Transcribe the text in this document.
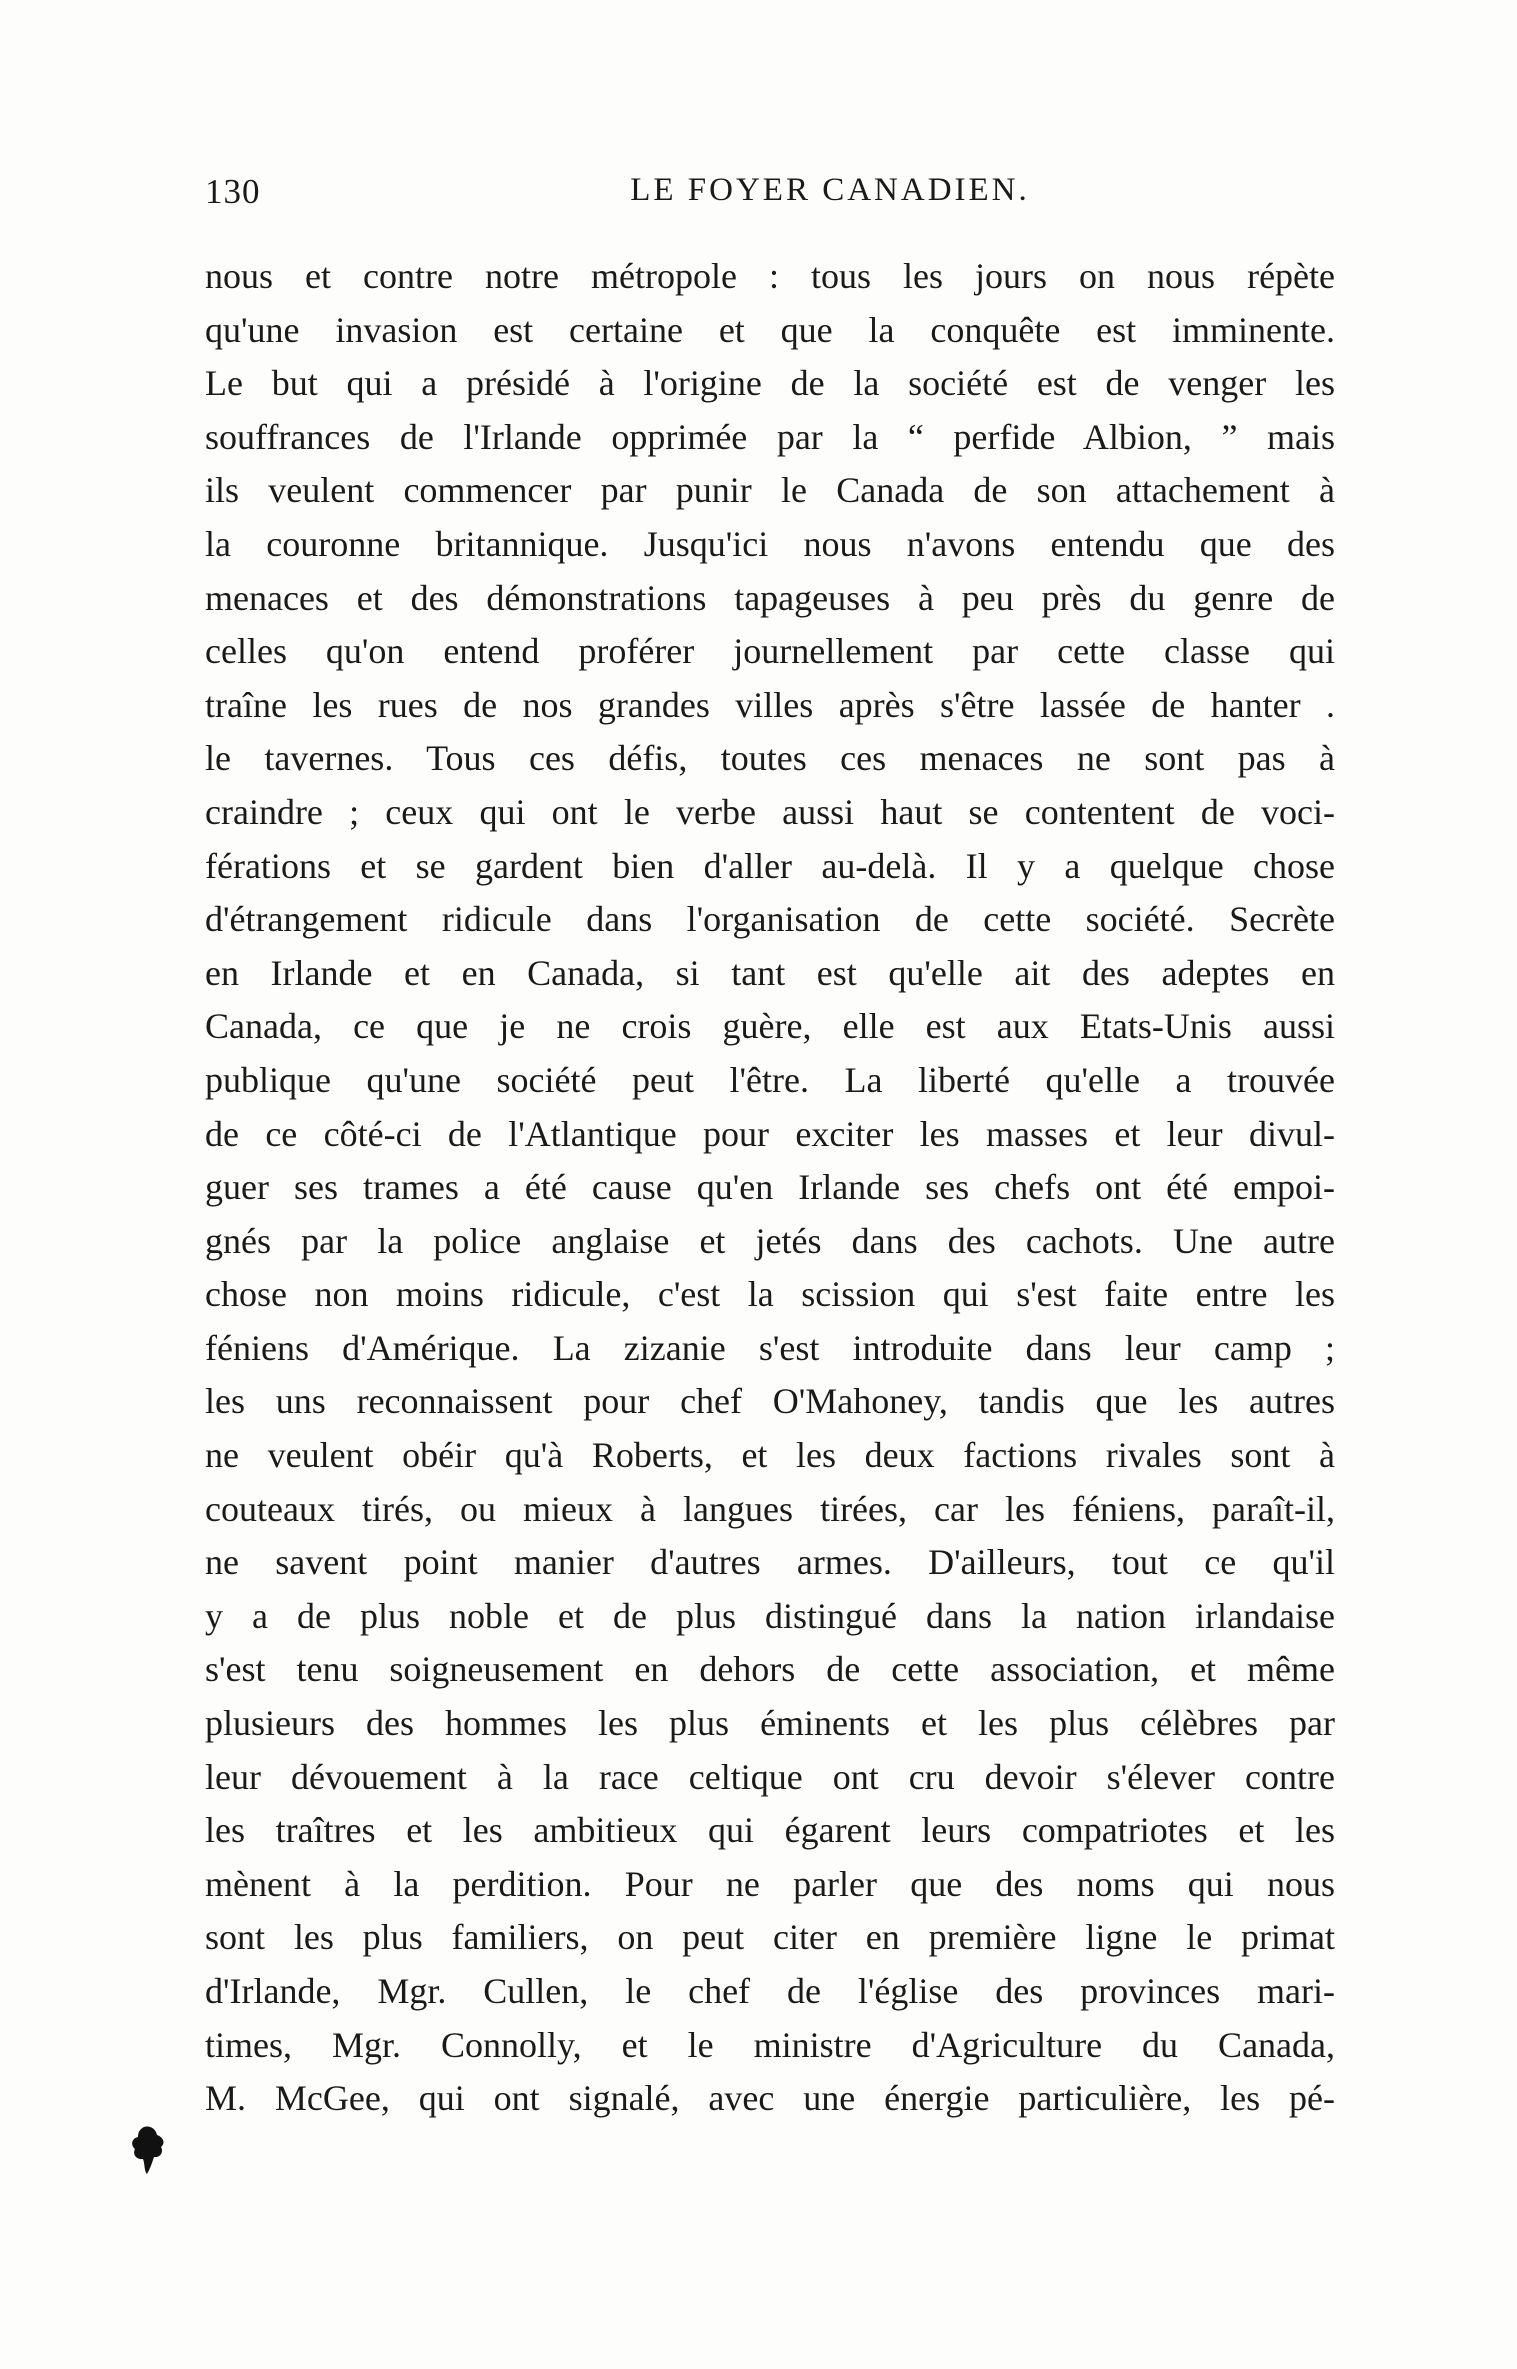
130	LE FOYER CANADIEN.
nous et contre notre métropole : tous les jours on nous répète
qu'une invasion est certaine et que la conquête est imminente.
Le but qui a présidé à l'origine de la société est de venger les
souffrances de l'Irlande opprimée par la “ perfide Albion, ” mais
ils veulent commencer par punir le Canada de son attachement à
la couronne britannique. Jusqu'ici nous n'avons entendu que des
menaces et des démonstrations tapageuses à peu près du genre de
celles qu'on entend proférer journellement par cette classe qui
traîne les rues de nos grandes villes après s'être lassée de hanter .
le tavernes. Tous ces défis, toutes ces menaces ne sont pas à
craindre ; ceux qui ont le verbe aussi haut se contentent de voci-
férations et se gardent bien d'aller au-delà. Il y a quelque chose
d'étrangement ridicule dans l'organisation de cette société. Secrète
en Irlande et en Canada, si tant est qu'elle ait des adeptes en
Canada, ce que je ne crois guère, elle est aux Etats-Unis aussi
publique qu'une société peut l'être. La liberté qu'elle a trouvée
de ce côté-ci de l'Atlantique pour exciter les masses et leur divul-
guer ses trames a été cause qu'en Irlande ses chefs ont été empoi-
gnés par la police anglaise et jetés dans des cachots. Une autre
chose non moins ridicule, c'est la scission qui s'est faite entre les
féniens d'Amérique. La zizanie s'est introduite dans leur camp ;
les uns reconnaissent pour chef O'Mahoney, tandis que les autres
ne veulent obéir qu'à Roberts, et les deux factions rivales sont à
couteaux tirés, ou mieux à langues tirées, car les féniens, paraît-il,
ne savent point manier d'autres armes. D'ailleurs, tout ce qu'il
y a de plus noble et de plus distingué dans la nation irlandaise
s'est tenu soigneusement en dehors de cette association, et même
plusieurs des hommes les plus éminents et les plus célèbres par
leur dévouement à la race celtique ont cru devoir s'élever contre
les traîtres et les ambitieux qui égarent leurs compatriotes et les
mènent à la perdition. Pour ne parler que des noms qui nous
sont les plus familiers, on peut citer en première ligne le primat
d'Irlande, Mgr. Cullen, le chef de l'église des provinces mari-
times, Mgr. Connolly, et le ministre d'Agriculture du Canada,
M. McGee, qui ont signalé, avec une énergie particulière, les pé-
